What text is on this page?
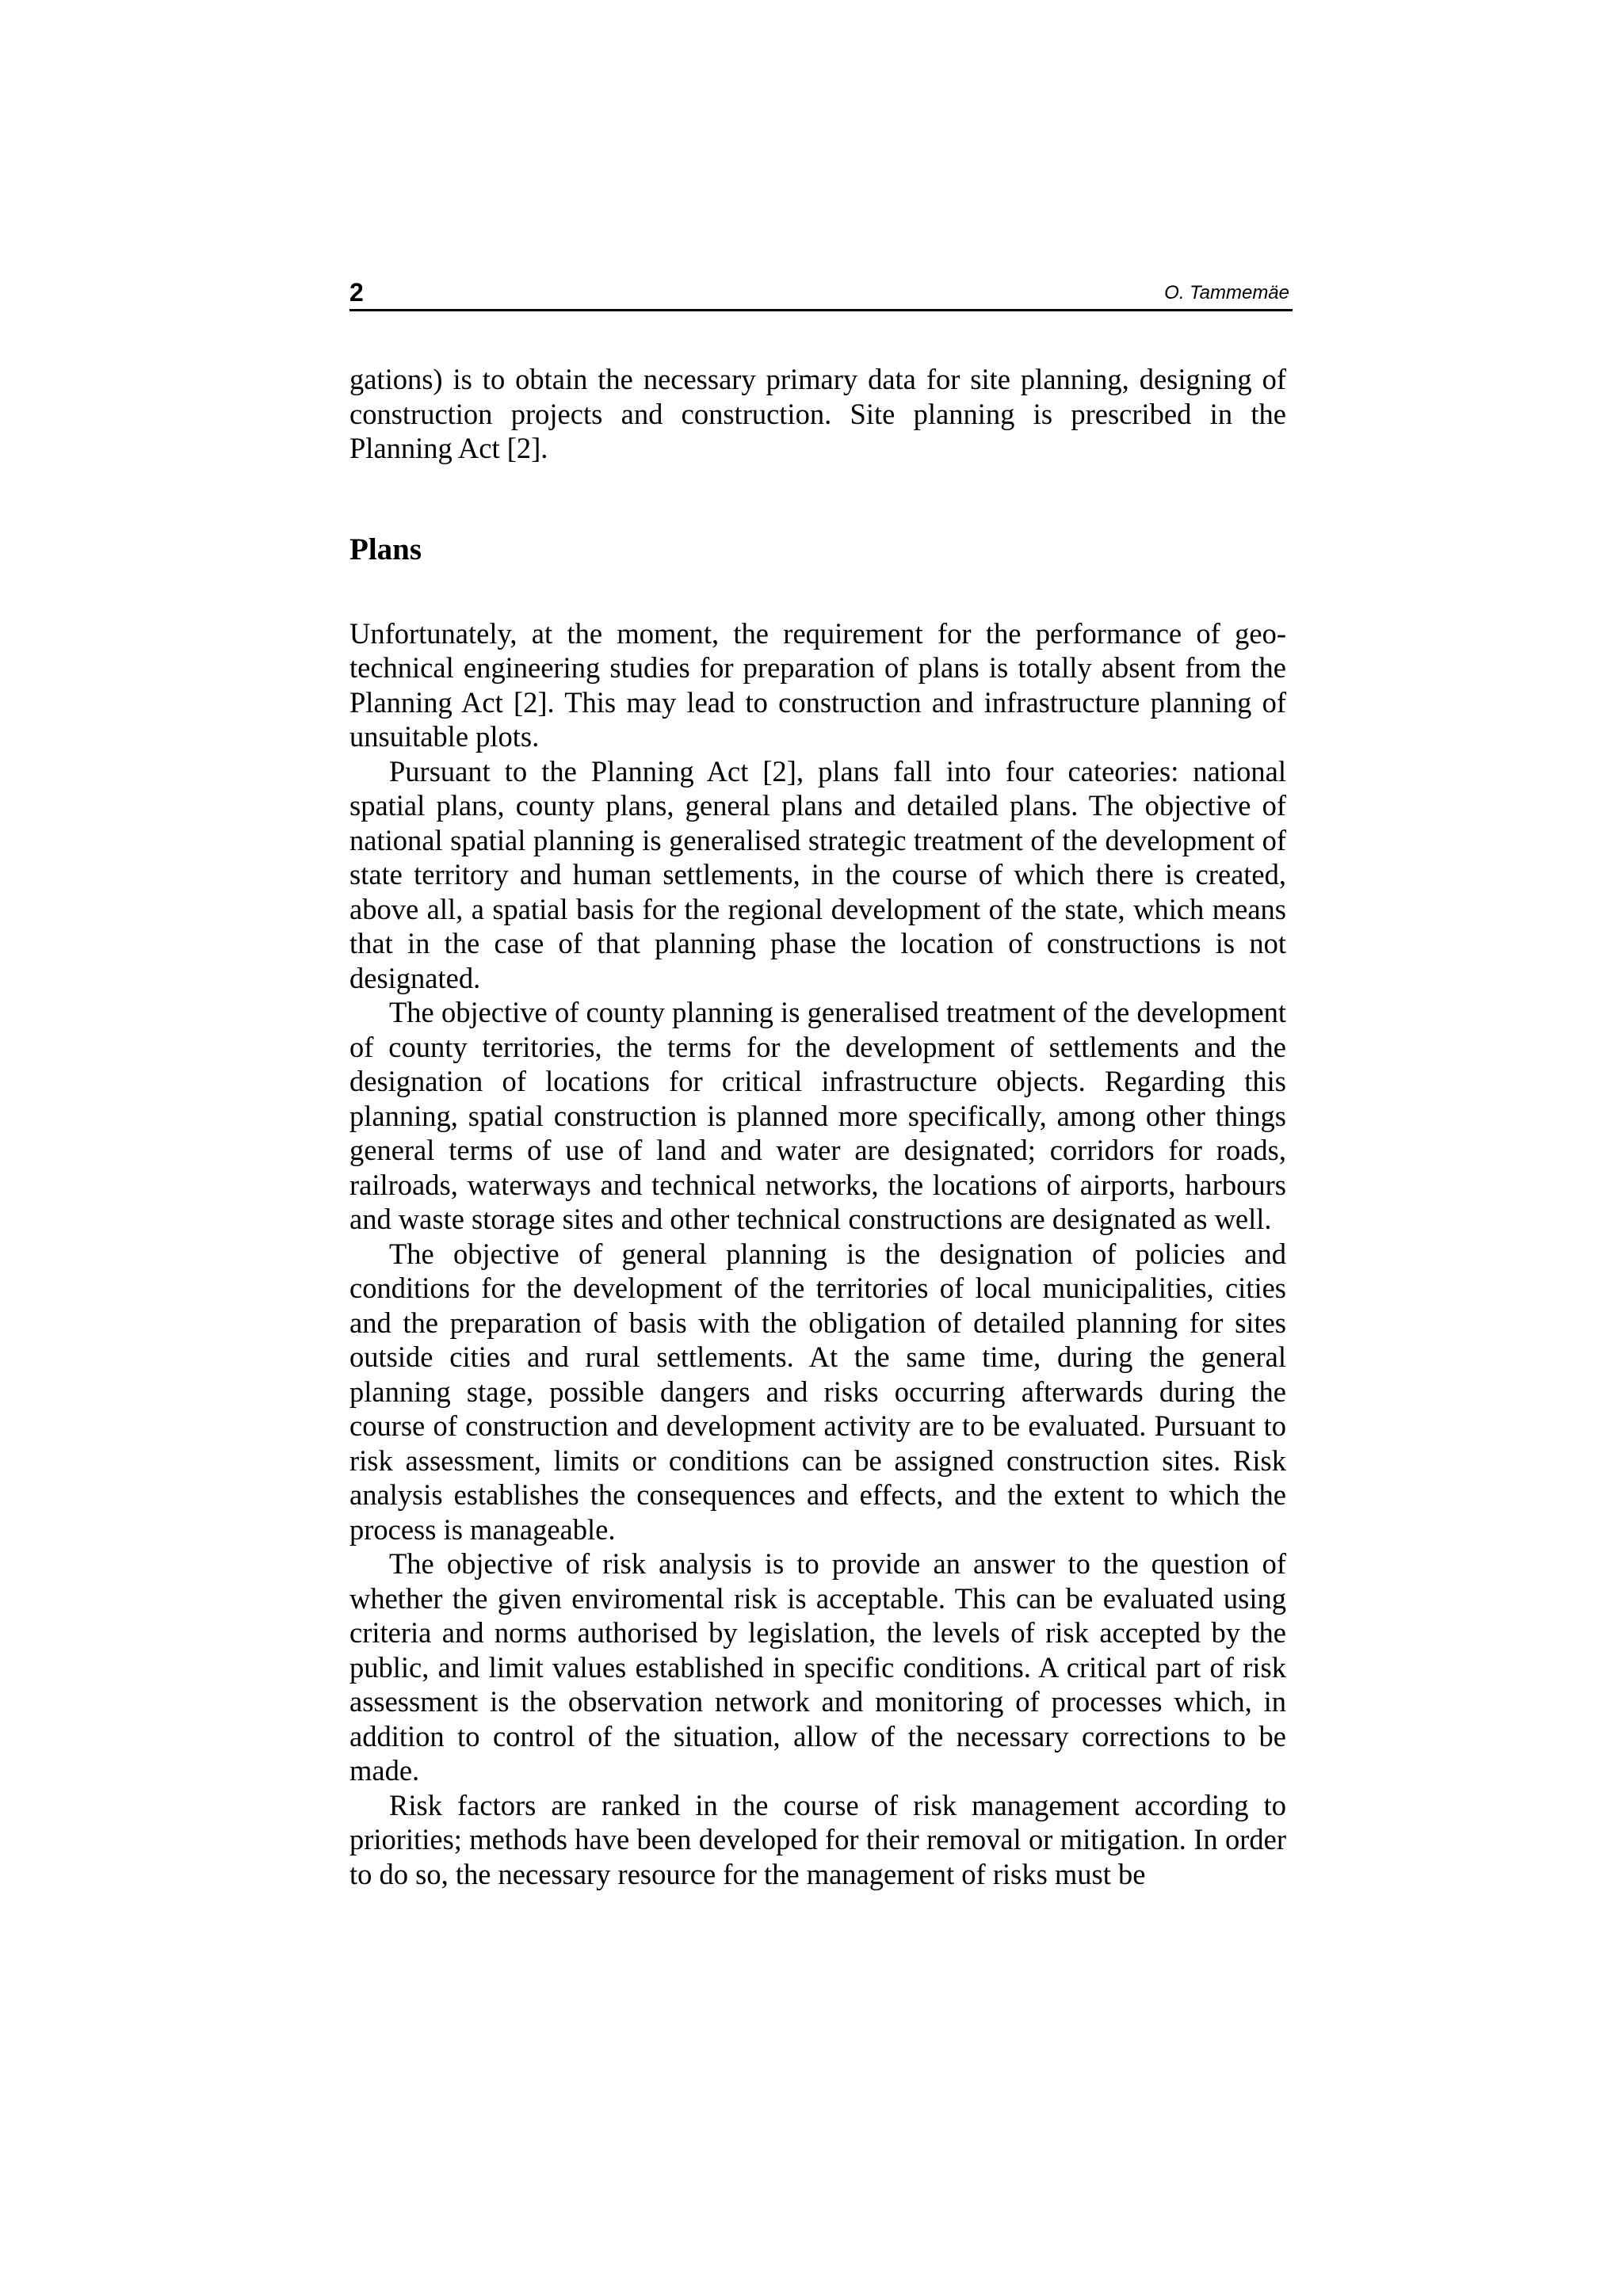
2	O. Tammemäe

gations) is to obtain the necessary primary data for site planning, designing of construction projects and construction. Site planning is prescribed in the Planning Act [2].

Plans

Unfortunately, at the moment, the requirement for the performance of geotechnical engineering studies for preparation of plans is totally absent from the Planning Act [2]. This may lead to construction and infrastructure planning of unsuitable plots.

Pursuant to the Planning Act [2], plans fall into four cateories: national spatial plans, county plans, general plans and detailed plans. The objective of national spatial planning is generalised strategic treatment of the development of state territory and human settlements, in the course of which there is created, above all, a spatial basis for the regional development of the state, which means that in the case of that planning phase the location of constructions is not designated.

The objective of county planning is generalised treatment of the development of county territories, the terms for the development of settlements and the designation of locations for critical infrastructure objects. Regarding this planning, spatial construction is planned more specifically, among other things general terms of use of land and water are designated; corridors for roads, railroads, waterways and technical networks, the locations of airports, harbours and waste storage sites and other technical constructions are designated as well.

The objective of general planning is the designation of policies and conditions for the development of the territories of local municipalities, cities and the preparation of basis with the obligation of detailed planning for sites outside cities and rural settlements. At the same time, during the general planning stage, possible dangers and risks occurring afterwards during the course of construction and development activity are to be evaluated. Pursuant to risk assessment, limits or conditions can be assigned construction sites. Risk analysis establishes the consequences and effects, and the extent to which the process is manageable.

The objective of risk analysis is to provide an answer to the question of whether the given enviromental risk is acceptable. This can be evaluated using criteria and norms authorised by legislation, the levels of risk accepted by the public, and limit values established in specific conditions. A critical part of risk assessment is the observation network and monitoring of processes which, in addition to control of the situation, allow of the necessary corrections to be made.

Risk factors are ranked in the course of risk management according to priorities; methods have been developed for their removal or mitigation. In order to do so, the necessary resource for the management of risks must be
